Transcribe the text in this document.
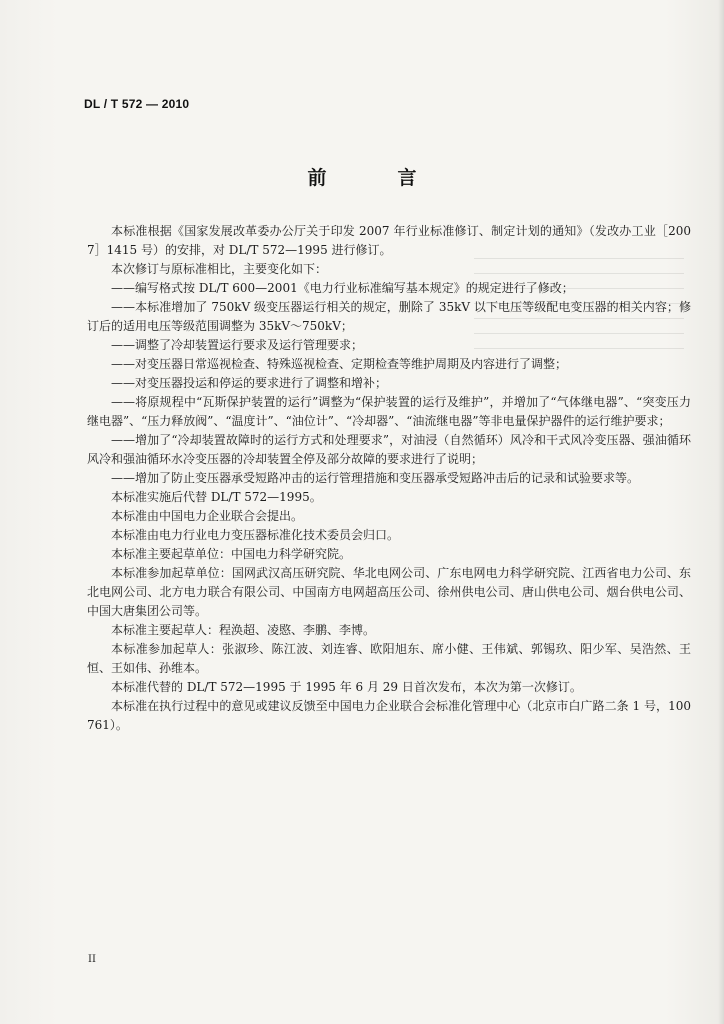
DL / T 572 — 2010
前　言

本标准根据《国家发展改革委办公厅关于印发 2007 年行业标准修订、制定计划的通知》（发改办工业［2007］1415 号）的安排，对 DL/T 572—1995 进行修订。

本次修订与原标准相比，主要变化如下：

——编写格式按 DL/T 600—2001《电力行业标准编写基本规定》的规定进行了修改；

——本标准增加了 750kV 级变压器运行相关的规定，删除了 35kV 以下电压等级配电变压器的相关内容；修订后的适用电压等级范围调整为 35kV～750kV；

——调整了冷却装置运行要求及运行管理要求；

——对变压器日常巡视检查、特殊巡视检查、定期检查等维护周期及内容进行了调整；

——对变压器投运和停运的要求进行了调整和增补；

——将原规程中“瓦斯保护装置的运行”调整为“保护装置的运行及维护”，并增加了“气体继电器”、“突变压力继电器”、“压力释放阀”、“温度计”、“油位计”、“冷却器”、“油流继电器”等非电量保护器件的运行维护要求；

——增加了“冷却装置故障时的运行方式和处理要求”，对油浸（自然循环）风冷和干式风冷变压器、强油循环风冷和强油循环水冷变压器的冷却装置全停及部分故障的要求进行了说明；

——增加了防止变压器承受短路冲击的运行管理措施和变压器承受短路冲击后的记录和试验要求等。

本标准实施后代替 DL/T 572—1995。

本标准由中国电力企业联合会提出。

本标准由电力行业电力变压器标准化技术委员会归口。

本标准主要起草单位：中国电力科学研究院。

本标准参加起草单位：国网武汉高压研究院、华北电网公司、广东电网电力科学研究院、江西省电力公司、东北电网公司、北方电力联合有限公司、中国南方电网超高压公司、徐州供电公司、唐山供电公司、烟台供电公司、中国大唐集团公司等。

本标准主要起草人：程涣超、凌愍、李鹏、李博。

本标准参加起草人：张淑珍、陈江波、刘连睿、欧阳旭东、席小健、王伟斌、郭锡玖、阳少军、吴浩然、王恒、王如伟、孙维本。

本标准代替的 DL/T 572—1995 于 1995 年 6 月 29 日首次发布，本次为第一次修订。

本标准在执行过程中的意见或建议反馈至中国电力企业联合会标准化管理中心（北京市白广路二条 1 号，100761）。

II
